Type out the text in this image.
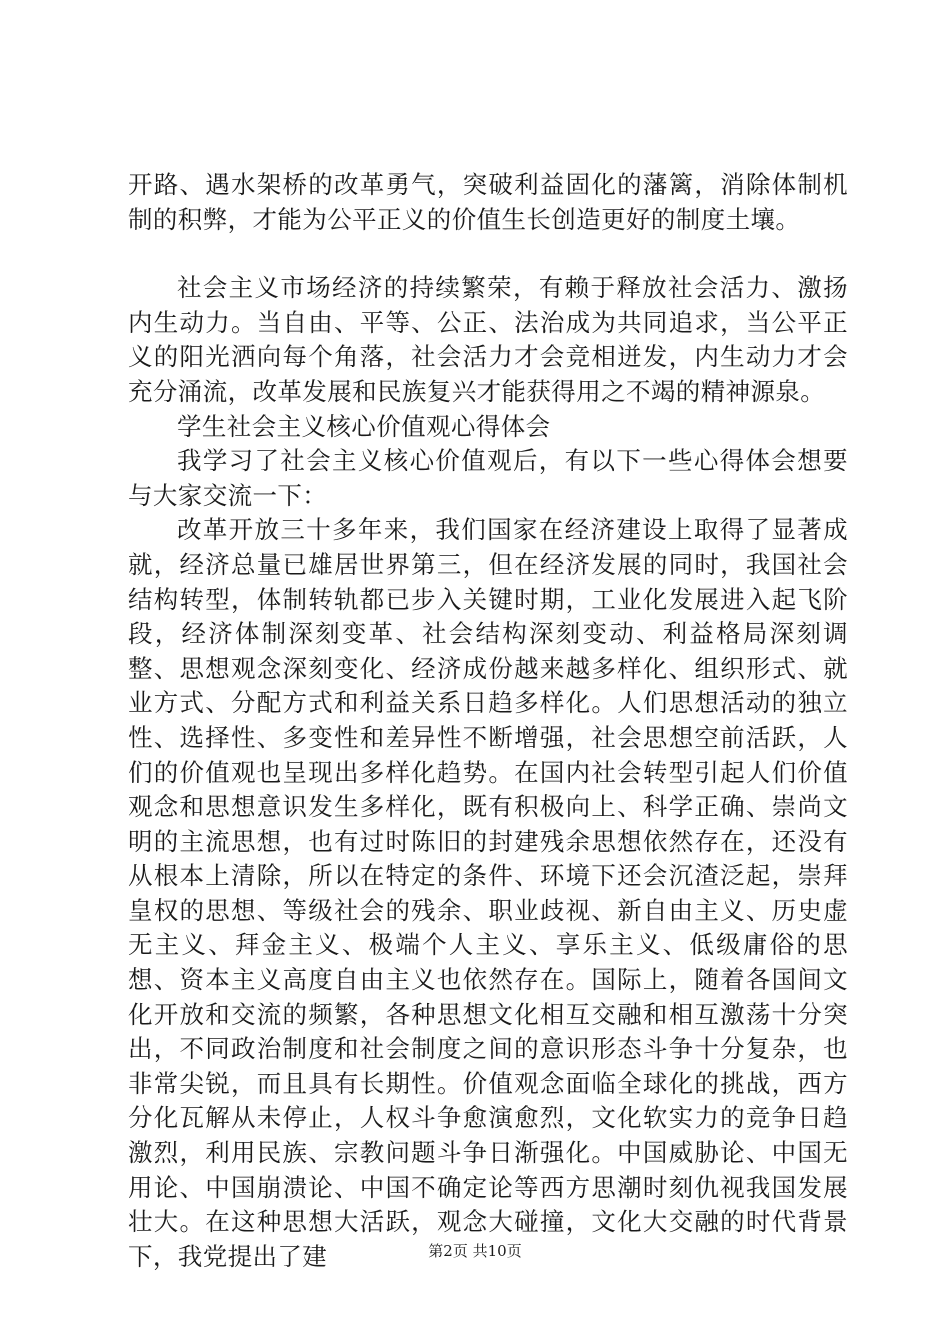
开路、遇水架桥的改革勇气，突破利益固化的藩篱，消除体制机制的积弊，才能为公平正义的价值生长创造更好的制度土壤。

社会主义市场经济的持续繁荣，有赖于释放社会活力、激扬内生动力。当自由、平等、公正、法治成为共同追求，当公平正义的阳光洒向每个角落，社会活力才会竞相迸发，内生动力才会充分涌流，改革发展和民族复兴才能获得用之不竭的精神源泉。

学生社会主义核心价值观心得体会

我学习了社会主义核心价值观后，有以下一些心得体会想要与大家交流一下：

改革开放三十多年来，我们国家在经济建设上取得了显著成就，经济总量已雄居世界第三，但在经济发展的同时，我国社会结构转型，体制转轨都已步入关键时期，工业化发展进入起飞阶段，经济体制深刻变革、社会结构深刻变动、利益格局深刻调整、思想观念深刻变化、经济成份越来越多样化、组织形式、就业方式、分配方式和利益关系日趋多样化。人们思想活动的独立性、选择性、多变性和差异性不断增强，社会思想空前活跃，人们的价值观也呈现出多样化趋势。在国内社会转型引起人们价值观念和思想意识发生多样化，既有积极向上、科学正确、崇尚文明的主流思想，也有过时陈旧的封建残余思想依然存在，还没有从根本上清除，所以在特定的条件、环境下还会沉渣泛起，崇拜皇权的思想、等级社会的残余、职业歧视、新自由主义、历史虚无主义、拜金主义、极端个人主义、享乐主义、低级庸俗的思想、资本主义高度自由主义也依然存在。国际上，随着各国间文化开放和交流的频繁，各种思想文化相互交融和相互激荡十分突出，不同政治制度和社会制度之间的意识形态斗争十分复杂，也非常尖锐，而且具有长期性。价值观念面临全球化的挑战，西方分化瓦解从未停止，人权斗争愈演愈烈，文化软实力的竞争日趋激烈，利用民族、宗教问题斗争日渐强化。中国威胁论、中国无用论、中国崩溃论、中国不确定论等西方思潮时刻仇视我国发展壮大。在这种思想大活跃，观念大碰撞，文化大交融的时代背景下，我党提出了建	第2页 共10页
